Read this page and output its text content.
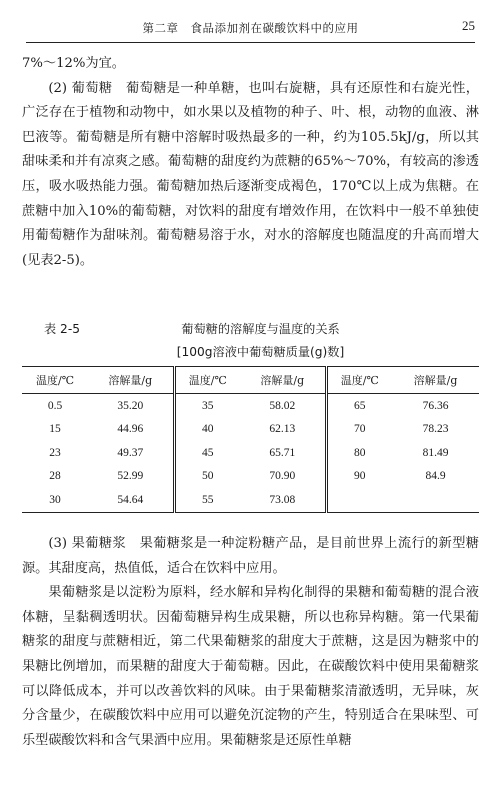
第二章　食品添加剂在碳酸饮料中的应用	25

7%～12%为宜。

(2) 葡萄糖　葡萄糖是一种单糖，也叫右旋糖，具有还原性和右旋光性，广泛存在于植物和动物中，如水果以及植物的种子、叶、根，动物的血液、淋巴液等。葡萄糖是所有糖中溶解时吸热最多的一种，约为105.5kJ/g，所以其甜味柔和并有凉爽之感。葡萄糖的甜度约为蔗糖的65%～70%，有较高的渗透压，吸水吸热能力强。葡萄糖加热后逐渐变成褐色，170℃以上成为焦糖。在蔗糖中加入10%的葡萄糖，对饮料的甜度有增效作用，在饮料中一般不单独使用葡萄糖作为甜味剂。葡萄糖易溶于水，对水的溶解度也随温度的升高而增大(见表2-5)。

表 2-5	葡萄糖的溶解度与温度的关系
[100g溶液中葡萄糖质量(g)数]
温度/℃	溶解量/g	温度/℃	溶解量/g	温度/℃	溶解量/g
0.5	35.20	35	58.02	65	76.36
15	44.96	40	62.13	70	78.23
23	49.37	45	65.71	80	81.49
28	52.99	50	70.90	90	84.9
30	54.64	55	73.08		

(3) 果葡糖浆　果葡糖浆是一种淀粉糖产品，是目前世界上流行的新型糖源。其甜度高，热值低，适合在饮料中应用。

果葡糖浆是以淀粉为原料，经水解和异构化制得的果糖和葡萄糖的混合液体糖，呈黏稠透明状。因葡萄糖异构生成果糖，所以也称异构糖。第一代果葡糖浆的甜度与蔗糖相近，第二代果葡糖浆的甜度大于蔗糖，这是因为糖浆中的果糖比例增加，而果糖的甜度大于葡萄糖。因此，在碳酸饮料中使用果葡糖浆可以降低成本，并可以改善饮料的风味。由于果葡糖浆清澈透明，无异味，灰分含量少，在碳酸饮料中应用可以避免沉淀物的产生，特别适合在果味型、可乐型碳酸饮料和含气果酒中应用。果葡糖浆是还原性单糖
